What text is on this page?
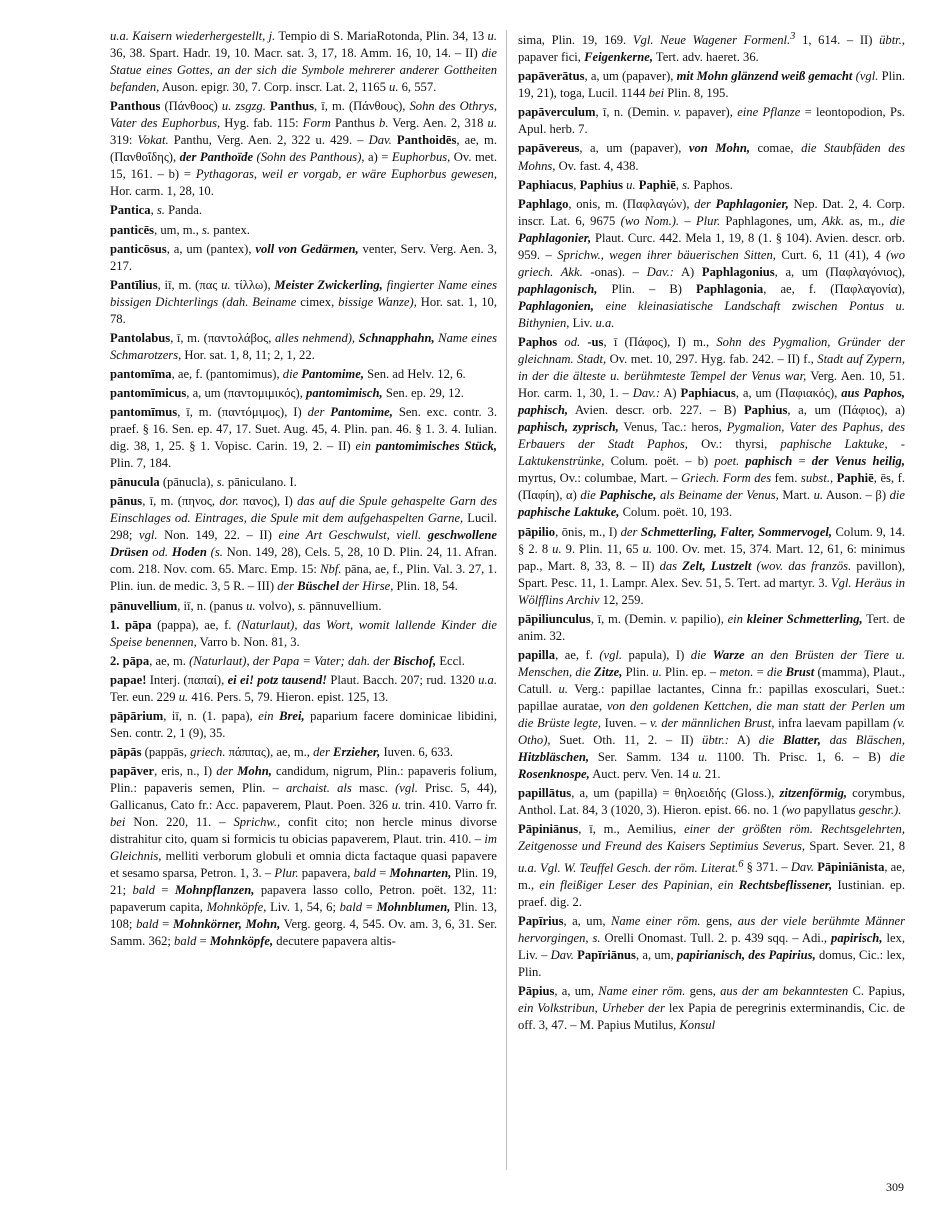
u.a. Kaisern wiederhergestellt, j. Tempio di S. MariaRotonda, Plin. 34, 13 u. 36, 38. Spart. Hadr. 19, 10. Macr. sat. 3, 17, 18. Amm. 16, 10, 14. – II) die Statue eines Gottes, an der sich die Symbole mehrerer anderer Gottheiten befanden, Auson. epigr. 30, 7. Corp. inscr. Lat. 2, 1165 u. 6, 557.

Panthous (Πάνθοος) u. zsgzg. Panthus, ī, m. (Πάνθους), Sohn des Othrys, Vater des Euphorbus, Hyg. fab. 115: Form Panthus b. Verg. Aen. 2, 318 u. 319: Vokat. Panthu, Verg. Aen. 2, 322 u. 429. – Dav. Panthoidēs, ae, m. (Πανθοΐδης), der Panthoïde (Sohn des Panthous), a) = Euphorbus, Ov. met. 15, 161. – b) = Pythagoras, weil er vorgab, er wäre Euphorbus gewesen, Hor. carm. 1, 28, 10.

Pantica, s. Panda.

panticēs, um, m., s. pantex.

panticōsus, a, um (pantex), voll von Gedärmen, venter, Serv. Verg. Aen. 3, 217.

Pantīlius, iī, m. (πας u. τίλλω), Meister Zwickerling, fingierter Name eines bissigen Dichterlings (dah. Beiname cimex, bissige Wanze), Hor. sat. 1, 10, 78.

Pantolabus, ī, m. (παντολάβος, alles nehmend), Schnapphahn, Name eines Schmarotzers, Hor. sat. 1, 8, 11; 2, 1, 22.

pantomīma, ae, f. (pantomimus), die Pantomime, Sen. ad Helv. 12, 6.

pantomīmicus, a, um (παντομιμικός), pantomimisch, Sen. ep. 29, 12.

pantomīmus, ī, m. (παντόμιμος), I) der Pantomime, Sen. exc. contr. 3. praef. § 16. Sen. ep. 47, 17. Suet. Aug. 45, 4. Plin. pan. 46. § 1. 3. 4. Iulian. dig. 38, 1, 25. § 1. Vopisc. Carin. 19, 2. – II) ein pantomimisches Stück, Plin. 7, 184.

pānucula (pānucla), s. pāniculano. I.

pānus, ī, m. (πηνος, dor. πανος), I) das auf die Spule gehaspelte Garn des Einschlages od. Eintrages, die Spule mit dem aufgehaspelten Garne, Lucil. 298; vgl. Non. 149, 22. – II) eine Art Geschwulst, viell. geschwollene Drüsen od. Hoden (s. Non. 149, 28), Cels. 5, 28, 10 D. Plin. 24, 11. Afran. com. 218. Nov. com. 65. Marc. Emp. 15: Nbf. pāna, ae, f., Plin. Val. 3. 27, 1. Plin. iun. de medic. 3, 5 R. – III) der Büschel der Hirse, Plin. 18, 54.

pānuvellium, iī, n. (panus u. volvo), s. pānnuvellium.

1. pāpa (pappa), ae, f. (Naturlaut), das Wort, womit lallende Kinder die Speise benennen, Varro b. Non. 81, 3.

2. pāpa, ae, m. (Naturlaut), der Papa = Vater; dah. der Bischof, Eccl.

papae! Interj. (παπαί), ei ei! potz tausend! Plaut. Bacch. 207; rud. 1320 u.a. Ter. eun. 229 u. 416. Pers. 5, 79. Hieron. epist. 125, 13.

pāpārium, iī, n. (1. papa), ein Brei, paparium facere dominicae libidini, Sen. contr. 2, 1 (9), 35.

pāpās (pappās, griech. πάππας), ae, m., der Erzieher, Iuven. 6, 633.

papāver, eris, n., I) der Mohn, candidum, nigrum, Plin.: papaveris folium, Plin.: papaveris semen, Plin. – archaist. als masc. (vgl. Prisc. 5, 44), Gallicanus, Cato fr.: Acc. papaverem, Plaut. Poen. 326 u. trin. 410. Varro fr. bei Non. 220, 11. – Sprichw., confit cito; non hercle minus divorse distrahitur cito, quam si formicis tu obicias papaverem, Plaut. trin. 410. – im Gleichnis, melliti verborum globuli et omnia dicta factaque quasi papavere et sesamo sparsa, Petron. 1, 3. – Plur. papavera, bald = Mohnarten, Plin. 19, 21; bald = Mohnpflanzen, papavera lasso collo, Petron. poët. 132, 11: papaverum capita, Mohnköpfe, Liv. 1, 54, 6; bald = Mohnblumen, Plin. 13, 108; bald = Mohnkörner, Mohn, Verg. georg. 4, 545. Ov. am. 3, 6, 31. Ser. Samm. 362; bald = Mohnköpfe, decutere papavera altis-

sima, Plin. 19, 169. Vgl. Neue Wagener Formenl.$^3$ 1, 614. – II) übtr., papaver fici, Feigenkerne, Tert. adv. haeret. 36.

papāverātus, a, um (papaver), mit Mohn glänzend weiß gemacht (vgl. Plin. 19, 21), toga, Lucil. 1144 bei Plin. 8, 195.

papāverculum, ī, n. (Demin. v. papaver), eine Pflanze = leontopodion, Ps. Apul. herb. 7.

papāvereus, a, um (papaver), von Mohn, comae, die Staubfäden des Mohns, Ov. fast. 4, 438.

Paphiacus, Paphius u. Paphiē, s. Paphos.

Paphlago, onis, m. (Παφλαγών), der Paphlagonier, Nep. Dat. 2, 4. Corp. inscr. Lat. 6, 9675 (wo Nom.). – Plur. Paphlagones, um, Akk. as, m., die Paphlagonier, Plaut. Curc. 442. Mela 1, 19, 8 (1. § 104). Avien. descr. orb. 959. – Sprichw., wegen ihrer bäuerischen Sitten, Curt. 6, 11 (41), 4 (wo griech. Akk. -onas). – Dav.: A) Paphlagonius, a, um (Παφλαγόνιος), paphlagonisch, Plin. – B) Paphlagonia, ae, f. (Παφλαγονία), Paphlagonien, eine kleinasiatische Landschaft zwischen Pontus u. Bithynien, Liv. u.a.

Paphos od. -us, ī (Πάφος), I) m., Sohn des Pygmalion, Gründer der gleichnam. Stadt, Ov. met. 10, 297. Hyg. fab. 242. – II) f., Stadt auf Zypern, in der die älteste u. berühmteste Tempel der Venus war, Verg. Aen. 10, 51. Hor. carm. 1, 30, 1. – Dav.: A) Paphiacus, a, um (Παφιακός), aus Paphos, paphisch, Avien. descr. orb. 227. – B) Paphius, a, um (Πάφιος), a) paphisch, zyprisch, Venus, Tac.: heros, Pygmalion, Vater des Paphus, des Erbauers der Stadt Paphos, Ov.: thyrsi, paphische Laktuke, -Laktukenstrünke, Colum. poët. – b) poet. paphisch = der Venus heilig, myrtus, Ov.: columbae, Mart. – Griech. Form des fem. subst., Paphiē, ēs, f. (Παφίη), α) die Paphische, als Beiname der Venus, Mart. u. Auson. – β) die paphische Laktuke, Colum. poët. 10, 193.

pāpilio, ōnis, m., I) der Schmetterling, Falter, Sommervogel, Colum. 9, 14. § 2. 8 u. 9. Plin. 11, 65 u. 100. Ov. met. 15, 374. Mart. 12, 61, 6: minimus pap., Mart. 8, 33, 8. – II) das Zelt, Lustzelt (wov. das französ. pavillon), Spart. Pesc. 11, 1. Lampr. Alex. Sev. 51, 5. Tert. ad martyr. 3. Vgl. Heräus in Wölfflins Archiv 12, 259.

pāpiliunculus, ī, m. (Demin. v. papilio), ein kleiner Schmetterling, Tert. de anim. 32.

papilla, ae, f. (vgl. papula), I) die Warze an den Brüsten der Tiere u. Menschen, die Zitze, Plin. u. Plin. ep. – meton. = die Brust (mamma), Plaut., Catull. u. Verg.: papillae lactantes, Cinna fr.: papillas exosculari, Suet.: papillae auratae, von den goldenen Kettchen, die man statt der Perlen um die Brüste legte, Iuven. – v. der männlichen Brust, infra laevam papillam (v. Otho), Suet. Oth. 11, 2. – II) übtr.: A) die Blatter, das Bläschen, Hitzbläschen, Ser. Samm. 134 u. 1100. Th. Prisc. 1, 6. – B) die Rosenknospe, Auct. perv. Ven. 14 u. 21.

papillātus, a, um (papilla) = θηλοειδής (Gloss.), zitzenförmig, corymbus, Anthol. Lat. 84, 3 (1020, 3). Hieron. epist. 66. no. 1 (wo papyllatus geschr.).

Pāpiniānus, ī, m., Aemilius, einer der größten röm. Rechtsgelehrten, Zeitgenosse und Freund des Kaisers Septimius Severus, Spart. Sever. 21, 8 u.a. Vgl. W. Teuffel Gesch. der röm. Literat.$^6$ § 371. – Dav. Pāpiniānista, ae, m., ein fleißiger Leser des Papinian, ein Rechtsbeflissener, Iustinian. ep. praef. dig. 2.

Papīrius, a, um, Name einer röm. gens, aus der viele berühmte Männer hervorgingen, s. Orelli Onomast. Tull. 2. p. 439 sqq. – Adi., papirisch, lex, Liv. – Dav. Papīriānus, a, um, papirianisch, des Papirius, domus, Cic.: lex, Plin.

Pāpius, a, um, Name einer röm. gens, aus der am bekanntesten C. Papius, ein Volkstribun, Urheber der lex Papia de peregrinis exterminandis, Cic. de off. 3, 47. – M. Papius Mutilus, Konsul

309
